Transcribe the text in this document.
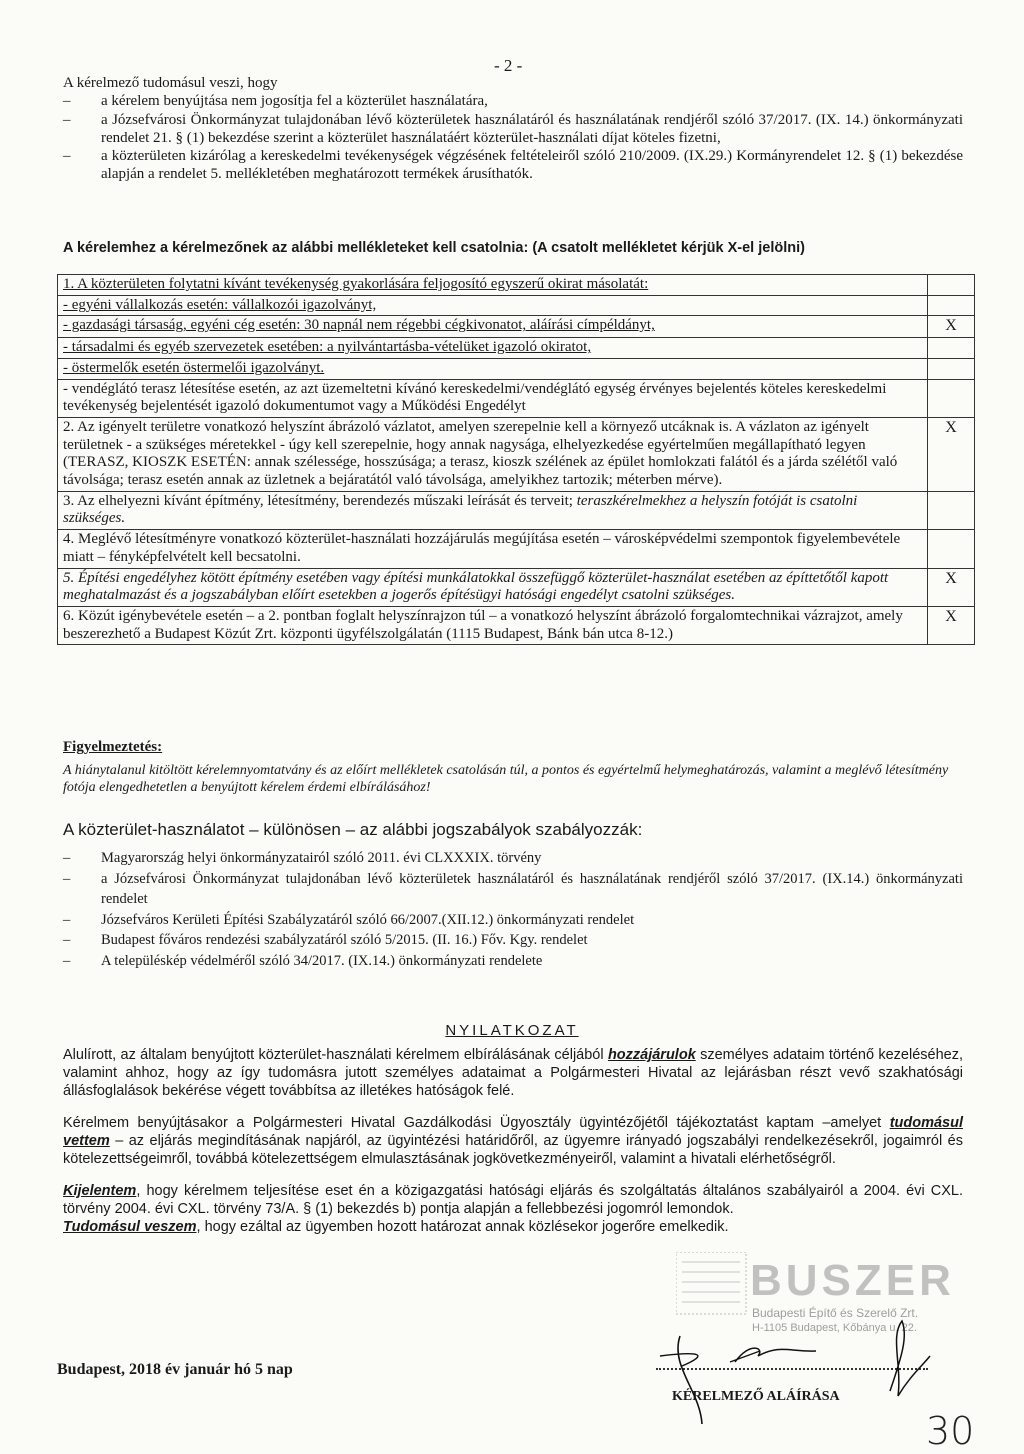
- 2 -

A kérelmező tudomásul veszi, hogy

– a kérelem benyújtása nem jogosítja fel a közterület használatára,

– a Józsefvárosi Önkormányzat tulajdonában lévő közterületek használatáról és használatának rendjéről szóló 37/2017. (IX. 14.) önkormányzati rendelet 21. § (1) bekezdése szerint a közterület használatáért közterület-használati díjat köteles fizetni,

– a közterületen kizárólag a kereskedelmi tevékenységek végzésének feltételeiről szóló 210/2009. (IX.29.) Kormányrendelet 12. § (1) bekezdése alapján a rendelet 5. mellékletében meghatározott termékek árusíthatók.

A kérelemhez a kérelmezőnek az alábbi mellékleteket kell csatolnia: (A csatolt mellékletet kérjük X-el jelölni)
1. A közterületen folytatni kívánt tevékenység gyakorlására feljogosító egyszerű okirat másolatát:	
- egyéni vállalkozás esetén: vállalkozói igazolványt,	
- gazdasági társaság, egyéni cég esetén: 30 napnál nem régebbi cégkivonatot, aláírási címpéldányt,	X
- társadalmi és egyéb szervezetek esetében: a nyilvántartásba-vételüket igazoló okiratot,	
- östermelők esetén östermelői igazolványt.	
- vendéglátó terasz létesítése esetén, az azt üzemeltetni kívánó kereskedelmi/vendéglátó egység érvényes bejelentés köteles kereskedelmi tevékenység bejelentését igazoló dokumentumot vagy a Működési Engedélyt	
2. Az igényelt területre vonatkozó helyszínt ábrázoló vázlatot, amelyen szerepelnie kell a környező utcáknak is. A vázlaton az igényelt területnek - a szükséges méretekkel - úgy kell szerepelnie, hogy annak nagysága, elhelyezkedése egyértelműen megállapítható legyen (TERASZ, KIOSZK ESETÉN: annak szélessége, hosszúsága; a terasz, kioszk szélének az épület homlokzati falától és a járda szélétől való távolsága; terasz esetén annak az üzletnek a bejáratától való távolsága, amelyikhez tartozik; méterben mérve).	X
3. Az elhelyezni kívánt építmény, létesítmény, berendezés műszaki leírását és terveit; teraszkérelmekhez a helyszín fotóját is csatolni szükséges.	
4. Meglévő létesítményre vonatkozó közterület-használati hozzájárulás megújítása esetén – városképvédelmi szempontok figyelembevétele miatt – fényképfelvételt kell becsatolni.	
5. Építési engedélyhez kötött építmény esetében vagy építési munkálatokkal összefüggő közterület-használat esetében az építtetőtől kapott meghatalmazást és a jogszabályban előírt esetekben a jogerős építésügyi hatósági engedélyt csatolni szükséges.	X
6. Közút igénybevétele esetén – a 2. pontban foglalt helyszínrajzon túl – a vonatkozó helyszínt ábrázoló forgalomtechnikai vázrajzot, amely beszerezhető a Budapest Közút Zrt. központi ügyfélszolgálatán (1115 Budapest, Bánk bán utca 8-12.)	X
Figyelmeztetés:
A hiánytalanul kitöltött kérelemnyomtatvány és az előírt mellékletek csatolásán túl, a pontos és egyértelmű helymeghatározás, valamint a meglévő létesítmény fotója elengedhetetlen a benyújtott kérelem érdemi elbírálásához!
A közterület-használatot – különösen – az alábbi jogszabályok szabályozzák:
– Magyarország helyi önkormányzatairól szóló 2011. évi CLXXXIX. törvény
– a Józsefvárosi Önkormányzat tulajdonában lévő közterületek használatáról és használatának rendjéről szóló 37/2017. (IX.14.) önkormányzati rendelet
– Józsefváros Kerületi Építési Szabályzatáról szóló 66/2007.(XII.12.) önkormányzati rendelet
– Budapest főváros rendezési szabályzatáról szóló 5/2015. (II. 16.) Főv. Kgy. rendelet
– A településkép védelméről szóló 34/2017. (IX.14.) önkormányzati rendelete
NYILATKOZAT
Alulírott, az általam benyújtott közterület-használati kérelmem elbírálásának céljából hozzájárulok személyes adataim történő kezeléséhez, valamint ahhoz, hogy az így tudomásra jutott személyes adataimat a Polgármesteri Hivatal az lejárásban részt vevő szakhatósági állásfoglalások bekérése végett továbbítsa az illetékes hatóságok felé.
Kérelmem benyújtásakor a Polgármesteri Hivatal Gazdálkodási Ügyosztály ügyintézőjétől tájékoztatást kaptam –amelyet tudomásul vettem – az eljárás megindításának napjáról, az ügyintézési határidőről, az ügyemre irányadó jogszabályi rendelkezésekről, jogaimról és kötelezettségeimről, továbbá kötelezettségem elmulasztásának jogkövetkezményeiről, valamint a hivatali elérhetőségről.
Kijelentem, hogy kérelmem teljesítése eset én a közigazgatási hatósági eljárás és szolgáltatás általános szabályairól a 2004. évi CXL. törvény 2004. évi CXL. törvény 73/A. § (1) bekezdés b) pontja alapján a fellebbezési jogomról lemondok.
Tudomásul veszem, hogy ezáltal az ügyemben hozott határozat annak közlésekor jogerőre emelkedik.
BUSZER
Budapesti Építő és Szerelő Zrt.
H-1105 Budapest, Kőbánya u. 22.
Budapest, 2018 év január hó 5 nap
KÉRELMEZŐ ALÁÍRÁSA
30
